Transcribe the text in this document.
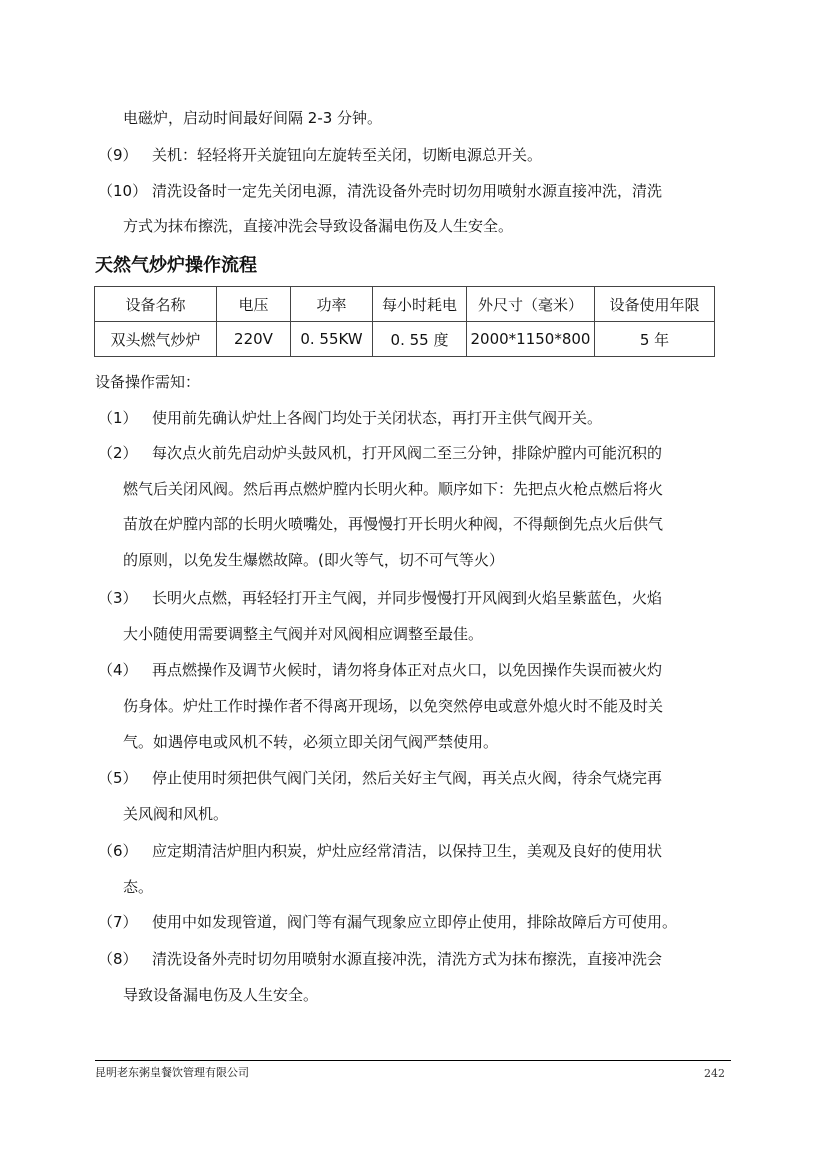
电磁炉，启动时间最好间隔 2-3 分钟。
（9） 关机：轻轻将开关旋钮向左旋转至关闭，切断电源总开关。
（10） 清洗设备时一定先关闭电源，清洗设备外壳时切勿用喷射水源直接冲洗，清洗
方式为抹布擦洗，直接冲洗会导致设备漏电伤及人生安全。
天然气炒炉操作流程
设备名称	电压	功率	每小时耗电	外尺寸（毫米）	设备使用年限
双头燃气炒炉	220V	0. 55KW	0. 55 度	2000*1150*800	5 年
设备操作需知：
（1） 使用前先确认炉灶上各阀门均处于关闭状态，再打开主供气阀开关。
（2） 每次点火前先启动炉头鼓风机，打开风阀二至三分钟，排除炉膛内可能沉积的
燃气后关闭风阀。然后再点燃炉膛内长明火种。顺序如下：先把点火枪点燃后将火
苗放在炉膛内部的长明火喷嘴处，再慢慢打开长明火种阀，不得颠倒先点火后供气
的原则，以免发生爆燃故障。(即火等气，切不可气等火）
（3） 长明火点燃，再轻轻打开主气阀，并同步慢慢打开风阀到火焰呈紫蓝色，火焰
大小随使用需要调整主气阀并对风阀相应调整至最佳。
（4） 再点燃操作及调节火候时，请勿将身体正对点火口，以免因操作失误而被火灼
伤身体。炉灶工作时操作者不得离开现场，以免突然停电或意外熄火时不能及时关
气。如遇停电或风机不转，必须立即关闭气阀严禁使用。
（5） 停止使用时须把供气阀门关闭，然后关好主气阀，再关点火阀，待余气烧完再
关风阀和风机。
（6） 应定期清洁炉胆内积炭，炉灶应经常清洁，以保持卫生，美观及良好的使用状
态。
（7） 使用中如发现管道，阀门等有漏气现象应立即停止使用，排除故障后方可使用。
（8） 清洗设备外壳时切勿用喷射水源直接冲洗，清洗方式为抹布擦洗，直接冲洗会
导致设备漏电伤及人生安全。
昆明老东粥皇餐饮管理有限公司	242
